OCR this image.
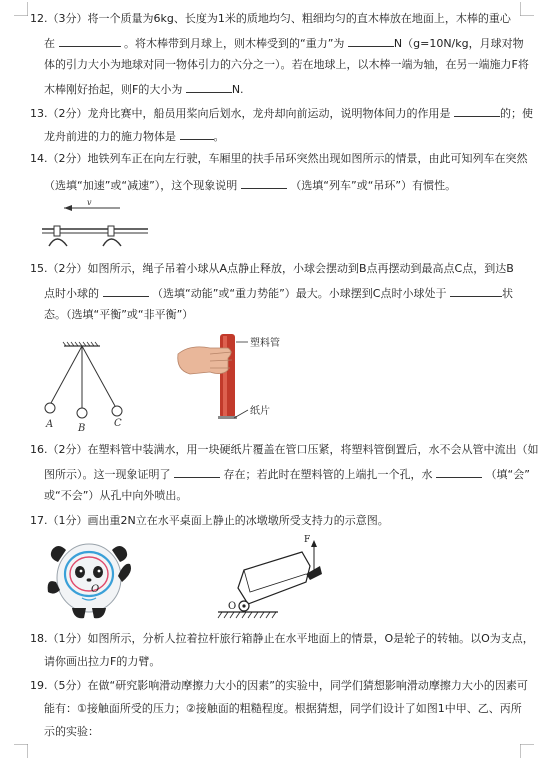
12.（3分）将一个质量为6kg、长度为1米的质地均匀、粗细均匀的直木棒放在地面上，木棒的重心
在	。将木棒带到月球上，则木棒受到的“重力”为	N（g=10N/kg，月球对物
体的引力大小为地球对同一物体引力的六分之一）。若在地球上，以木棒一端为轴，在另一端施力F将
木棒刚好抬起，则F的大小为	N.
13.（2分）龙舟比赛中，船员用桨向后划水，龙舟却向前运动，说明物体间力的作用是	的；使
龙舟前进的力的施力物体是	。
14.（2分）地铁列车正在向左行驶，车厢里的扶手吊环突然出现如图所示的情景，由此可知列车在突然
（选填“加速”或“减速”），这个现象说明	（选填“列车”或“吊环”）有惯性。
v
15.（2分）如图所示，绳子吊着小球从A点静止释放，小球会摆动到B点再摆动到最高点C点，到达B
点时小球的	（选填“动能”或“重力势能”）最大。小球摆到C点时小球处于	状
态。（选填“平衡”或“非平衡”）
A B	C
塑料管
纸片
16.（2分）在塑料管中装满水，用一块硬纸片覆盖在管口压紧，将塑料管倒置后，水不会从管中流出（如
图所示）。这一现象证明了	存在；若此时在塑料管的上端扎一个孔，水	（填“会”
或“不会”）从孔中向外喷出。
17.（1分）画出重2N立在水平桌面上静止的冰墩墩所受支持力的示意图。
O
F
O
18.（1分）如图所示，分析人拉着拉杆旅行箱静止在水平地面上的情景，O是轮子的转轴。以O为支点，
请你画出拉力F的力臂。
19.（5分）在做“研究影响滑动摩擦力大小的因素”的实验中，同学们猜想影响滑动摩擦力大小的因素可
能有：①接触面所受的压力；②接触面的粗糙程度。根据猜想，同学们设计了如图1中甲、乙、丙所
示的实验：
